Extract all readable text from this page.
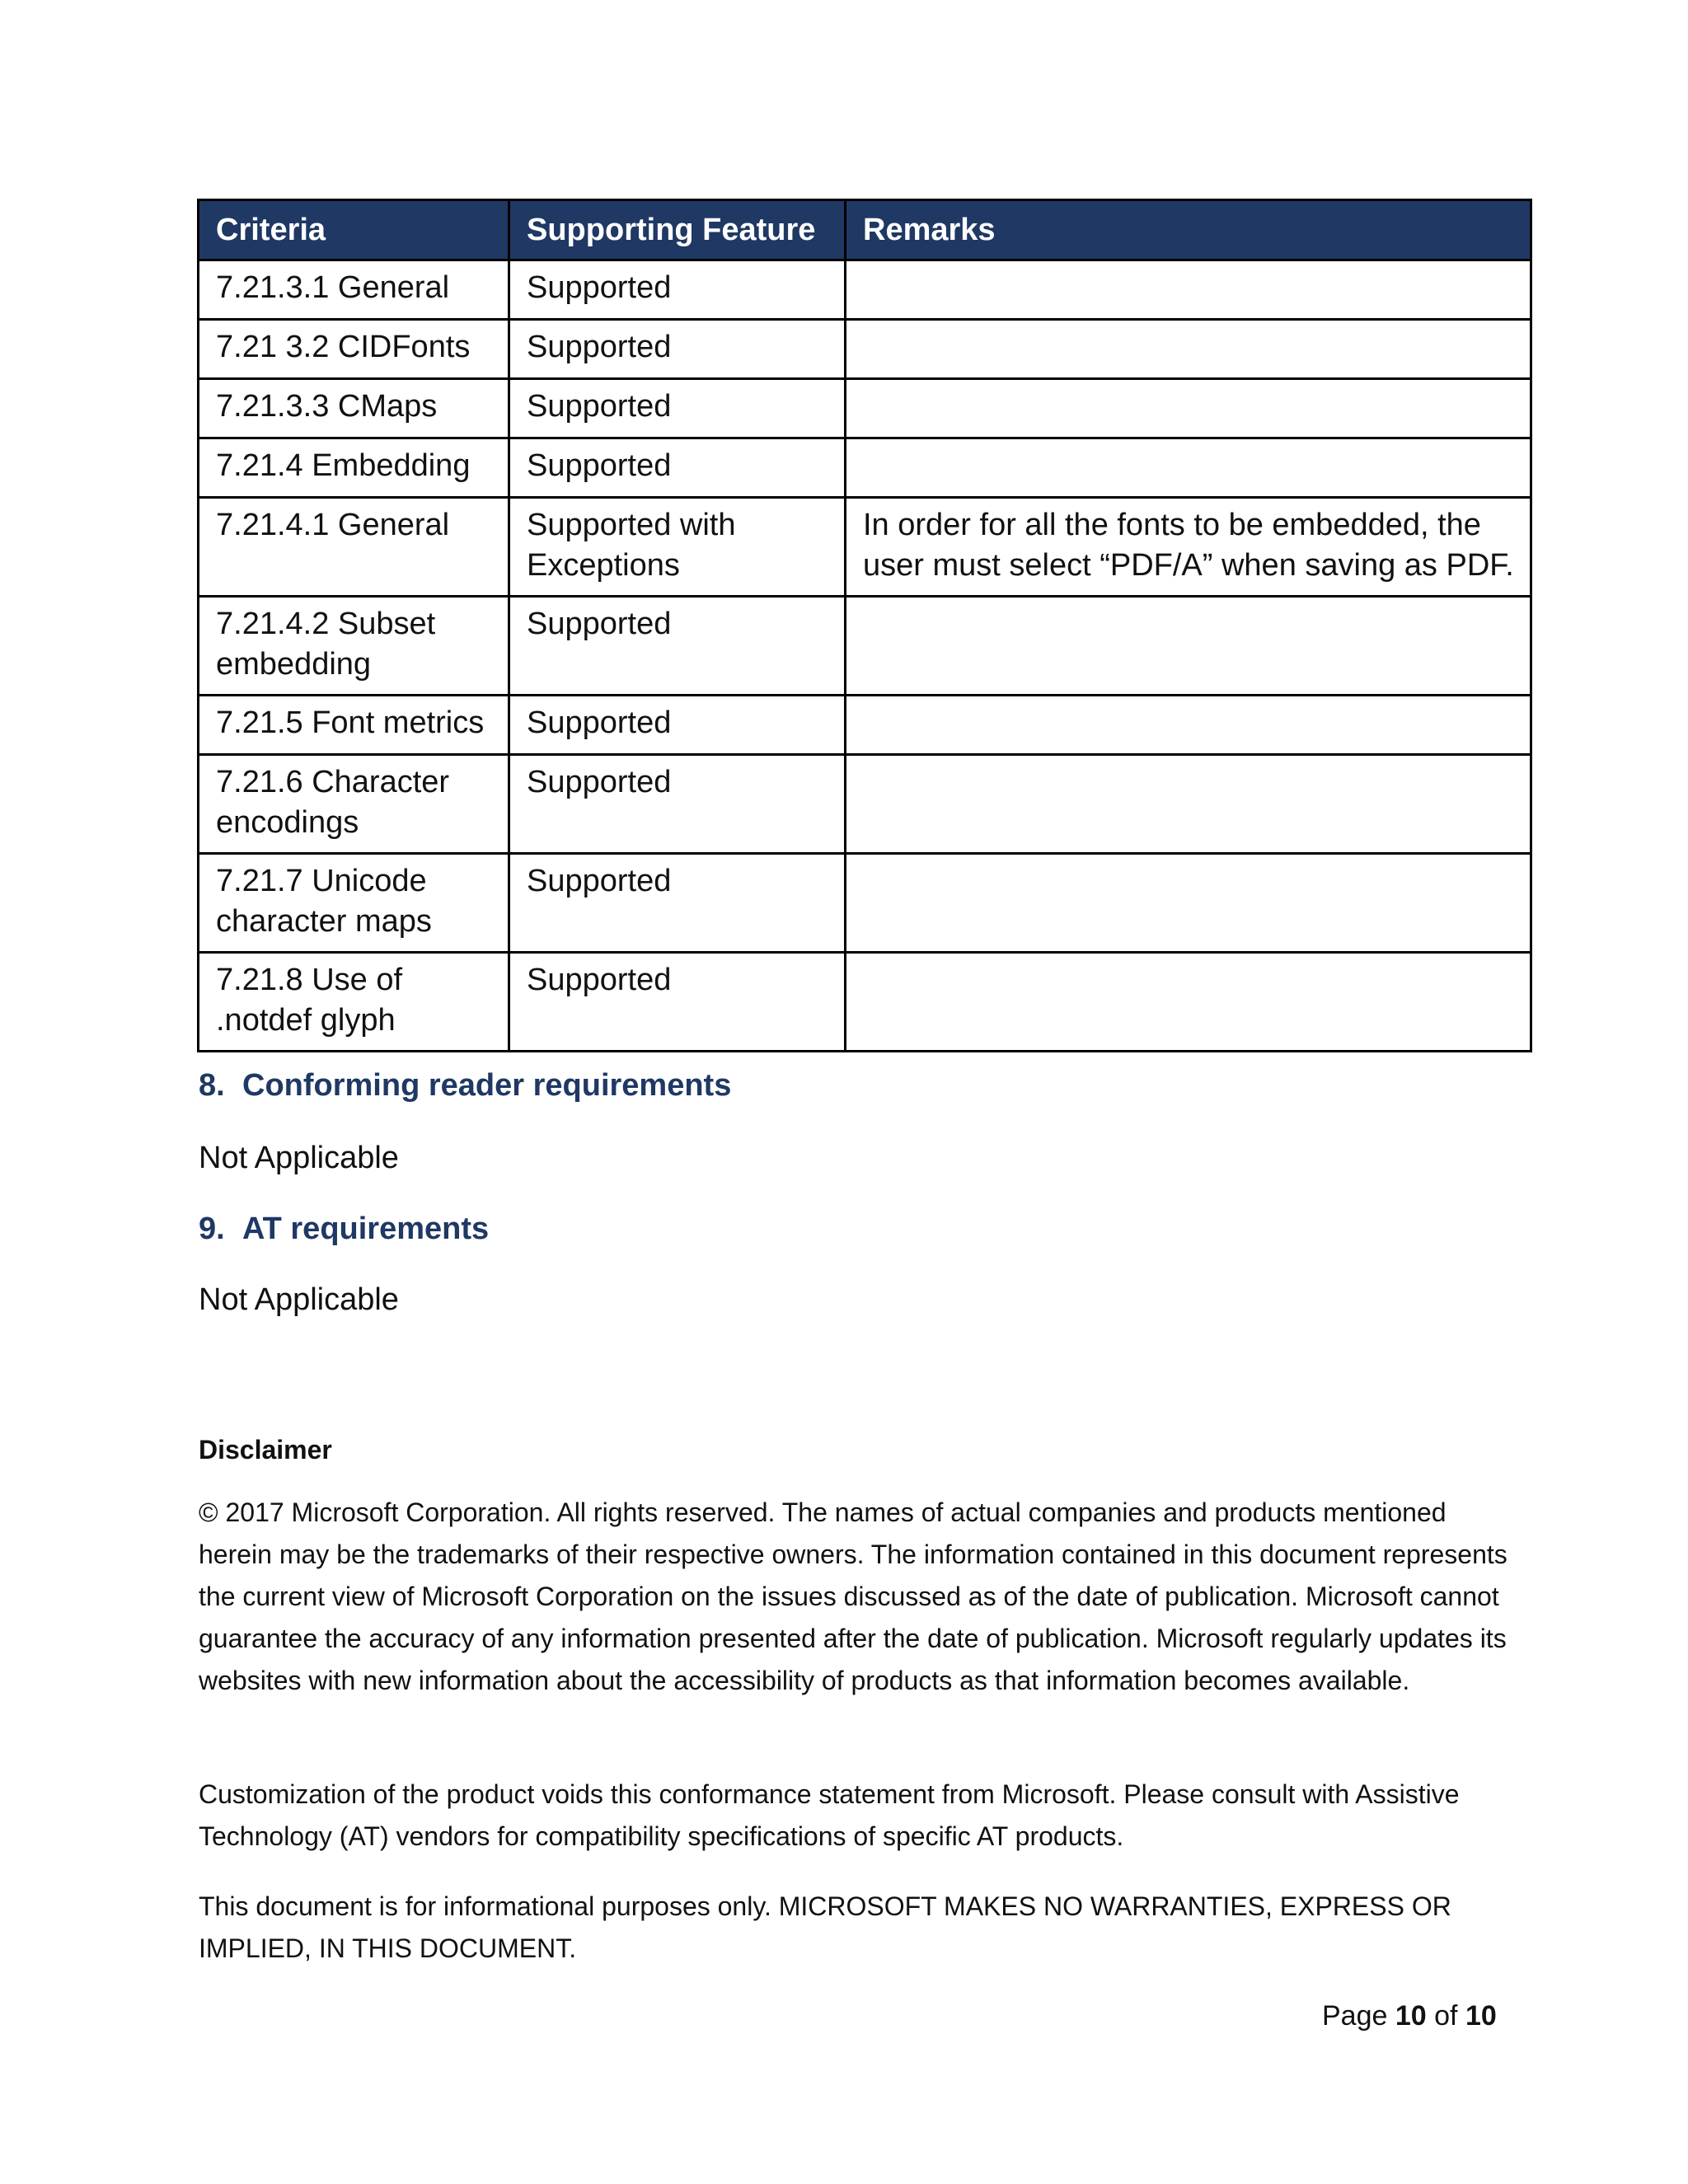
Criteria	Supporting Feature	Remarks
7.21.3.1 General	Supported	
7.21 3.2 CIDFonts	Supported	
7.21.3.3 CMaps	Supported	
7.21.4 Embedding	Supported	
7.21.4.1 General	Supported with Exceptions	In order for all the fonts to be embedded, the user must select “PDF/A” when saving as PDF.
7.21.4.2 Subset embedding	Supported	
7.21.5 Font metrics	Supported	
7.21.6 Character encodings	Supported	
7.21.7 Unicode character maps	Supported	
7.21.8 Use of .notdef glyph	Supported	
8. Conforming reader requirements

Not Applicable

9. AT requirements

Not Applicable

Disclaimer

© 2017 Microsoft Corporation. All rights reserved. The names of actual companies and products mentioned herein may be the trademarks of their respective owners. The information contained in this document represents the current view of Microsoft Corporation on the issues discussed as of the date of publication. Microsoft cannot guarantee the accuracy of any information presented after the date of publication. Microsoft regularly updates its websites with new information about the accessibility of products as that information becomes available.

Customization of the product voids this conformance statement from Microsoft. Please consult with Assistive Technology (AT) vendors for compatibility specifications of specific AT products.

This document is for informational purposes only. MICROSOFT MAKES NO WARRANTIES, EXPRESS OR IMPLIED, IN THIS DOCUMENT.

Page 10 of 10
